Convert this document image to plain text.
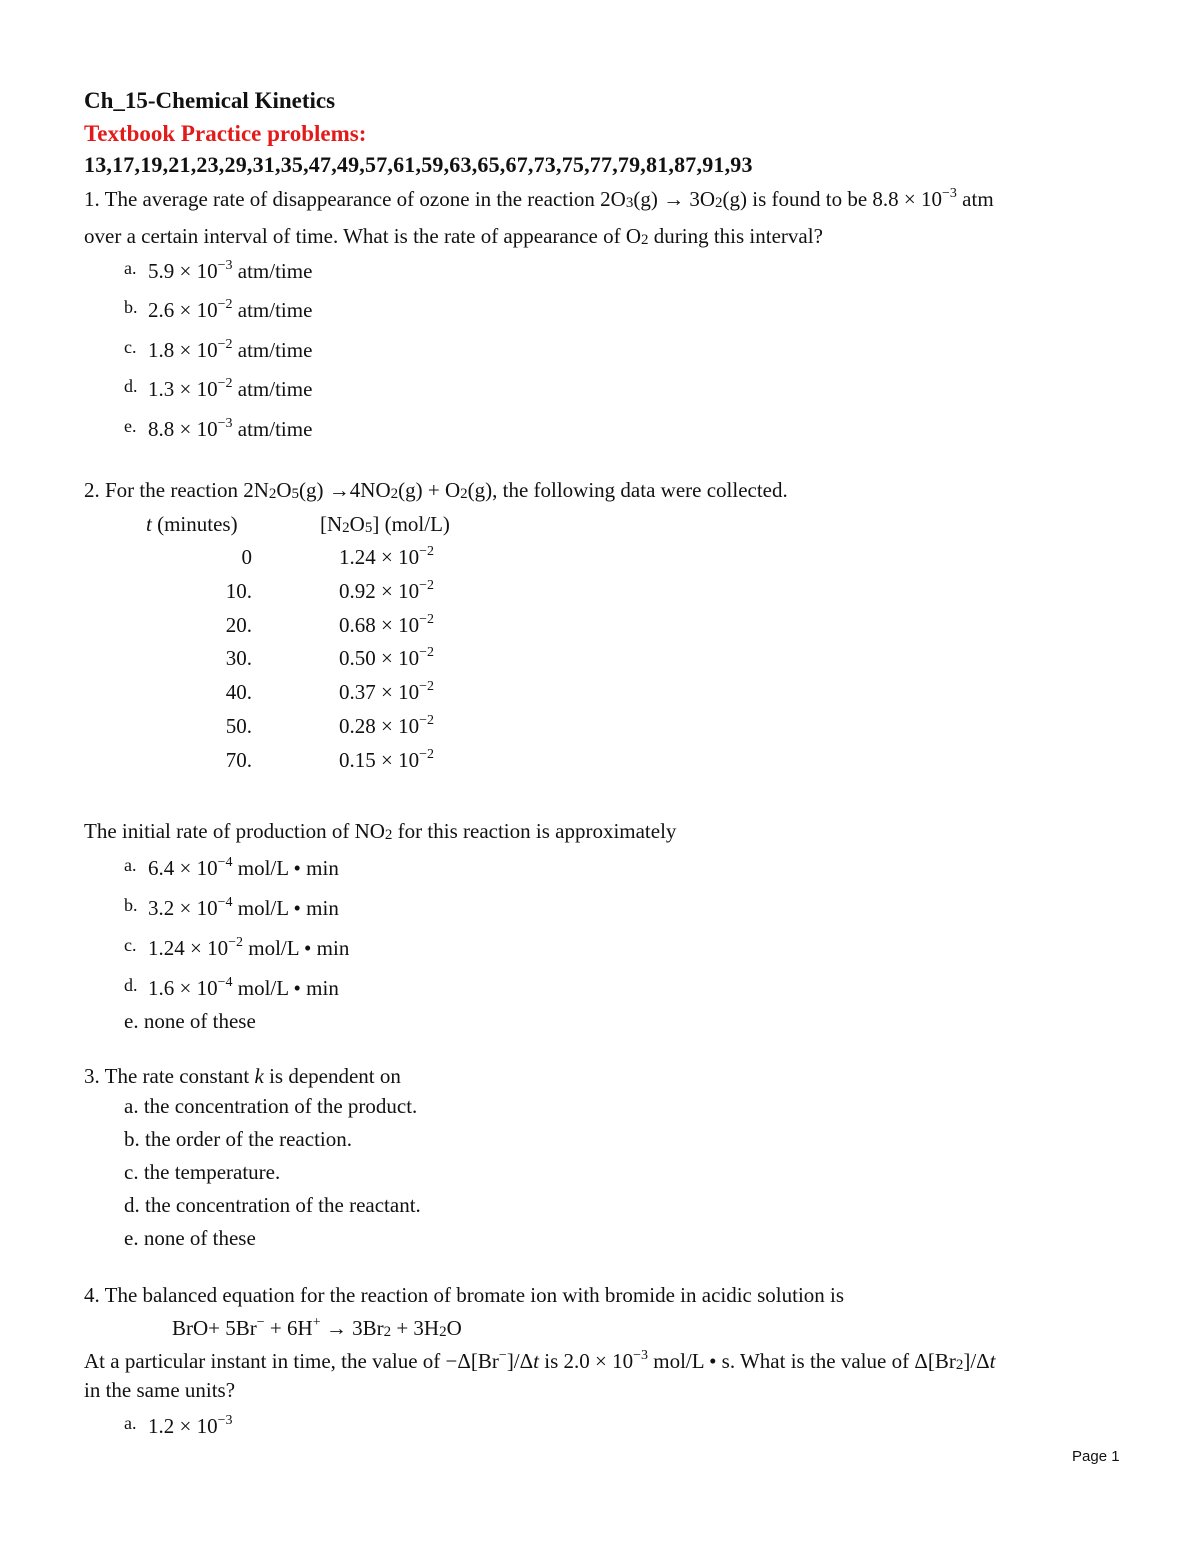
Ch_15-Chemical Kinetics
Textbook Practice problems:
13,17,19,21,23,29,31,35,47,49,57,61,59,63,65,67,73,75,77,79,81,87,91,93
1. The average rate of disappearance of ozone in the reaction $2O_3(g) \to 3O_2(g)$ is found to be $8.8 \times 10^{-3}$ atm
over a certain interval of time. What is the rate of appearance of $O_2$ during this interval?
a. $5.9 \times 10^{-3}$ atm/time
b. $2.6 \times 10^{-2}$ atm/time
c. $1.8 \times 10^{-2}$ atm/time
d. $1.3 \times 10^{-2}$ atm/time
e. $8.8 \times 10^{-3}$ atm/time
2. For the reaction $2N_2O_5(g) \to 4NO_2(g) + O_2(g)$, the following data were collected.
t (minutes)	$[N_2O_5]$ (mol/L)
0	$1.24 \times 10^{-2}$
10.	$0.92 \times 10^{-2}$
20.	$0.68 \times 10^{-2}$
30.	$0.50 \times 10^{-2}$
40.	$0.37 \times 10^{-2}$
50.	$0.28 \times 10^{-2}$
70.	$0.15 \times 10^{-2}$
The initial rate of production of $NO_2$ for this reaction is approximately
a. $6.4 \times 10^{-4}$ mol/L • min
b. $3.2 \times 10^{-4}$ mol/L • min
c. $1.24 \times 10^{-2}$ mol/L • min
d. $1.6 \times 10^{-4}$ mol/L • min
e. none of these
3. The rate constant k is dependent on
a. the concentration of the product.
b. the order of the reaction.
c. the temperature.
d. the concentration of the reactant.
e. none of these
4. The balanced equation for the reaction of bromate ion with bromide in acidic solution is
$BrO+ 5Br^- + 6H^+ \to 3Br_2 + 3H_2O$
At a particular instant in time, the value of −Δ[Br−]/Δt is $2.0 \times 10^{-3}$ mol/L • s. What is the value of $\Delta[Br_2]/\Delta t$
in the same units?
a. $1.2 \times 10^{-3}$
Page 1
